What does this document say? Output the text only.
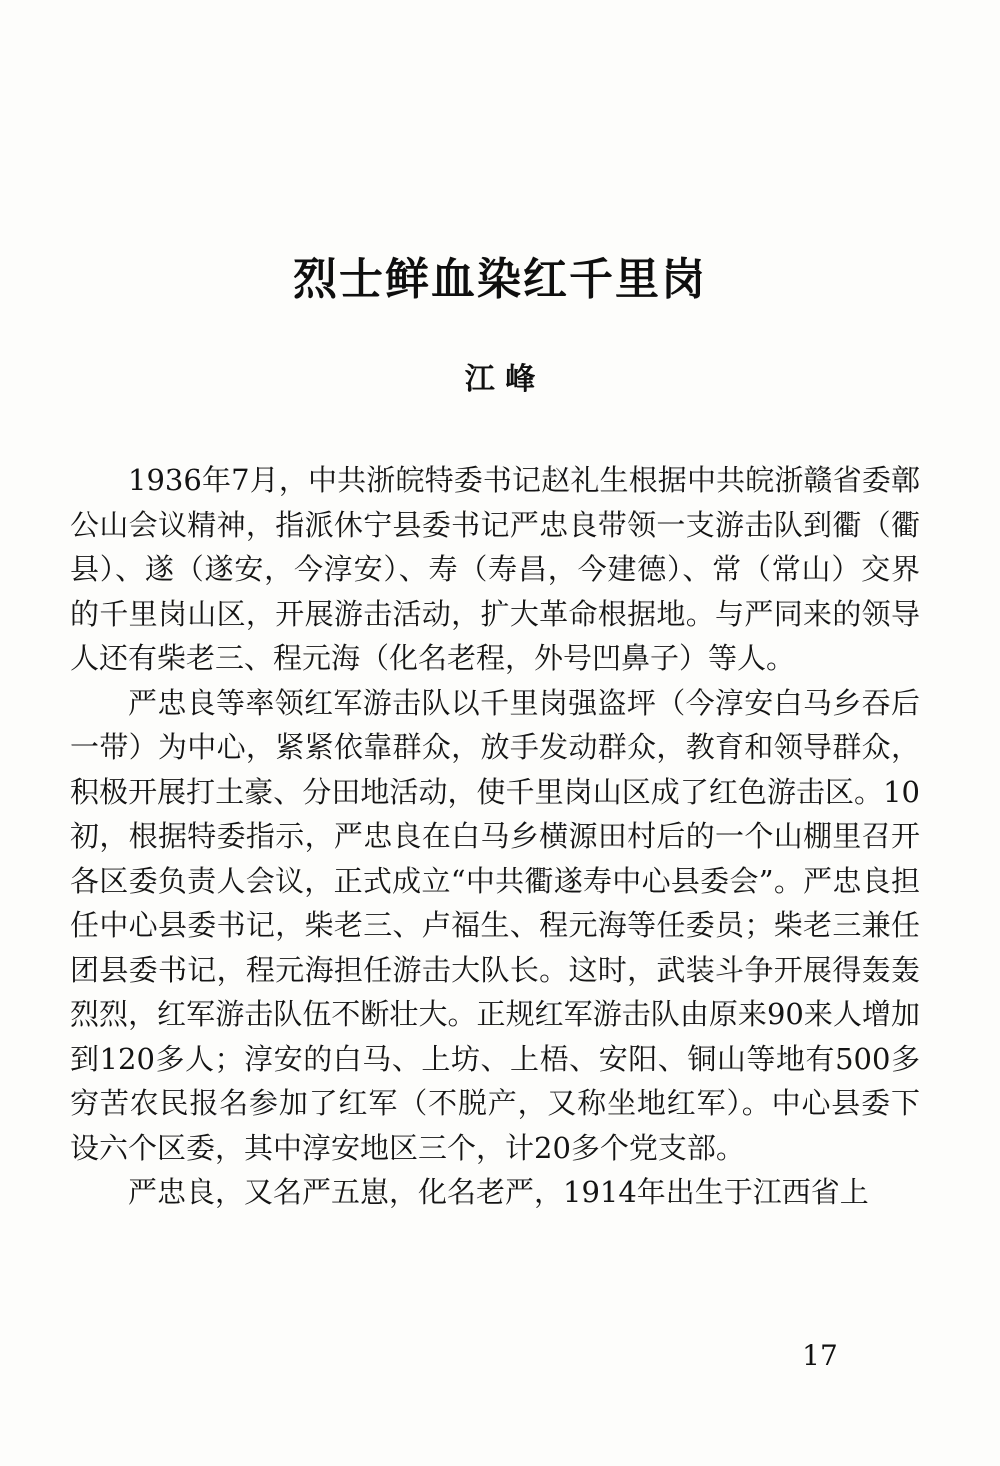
烈士鲜血染红千里岗
江 峰

1936年7月，中共浙皖特委书记赵礼生根据中共皖浙赣省委鄣公山会议精神，指派休宁县委书记严忠良带领一支游击队到衢（衢县）、遂（遂安，今淳安）、寿（寿昌，今建德）、常（常山）交界的千里岗山区，开展游击活动，扩大革命根据地。与严同来的领导人还有柴老三、程元海（化名老程，外号凹鼻子）等人。

严忠良等率领红军游击队以千里岗强盗坪（今淳安白马乡吞后一带）为中心，紧紧依靠群众，放手发动群众，教育和领导群众，积极开展打土豪、分田地活动，使千里岗山区成了红色游击区。10初，根据特委指示，严忠良在白马乡横源田村后的一个山棚里召开各区委负责人会议，正式成立“中共衢遂寿中心县委会”。严忠良担任中心县委书记，柴老三、卢福生、程元海等任委员；柴老三兼任团县委书记，程元海担任游击大队长。这时，武装斗争开展得轰轰烈烈，红军游击队伍不断壮大。正规红军游击队由原来90来人增加到120多人；淳安的白马、上坊、上梧、安阳、铜山等地有500多穷苦农民报名参加了红军（不脱产，又称坐地红军）。中心县委下设六个区委，其中淳安地区三个，计20多个党支部。

严忠良，又名严五崽，化名老严，1914年出生于江西省上

17
